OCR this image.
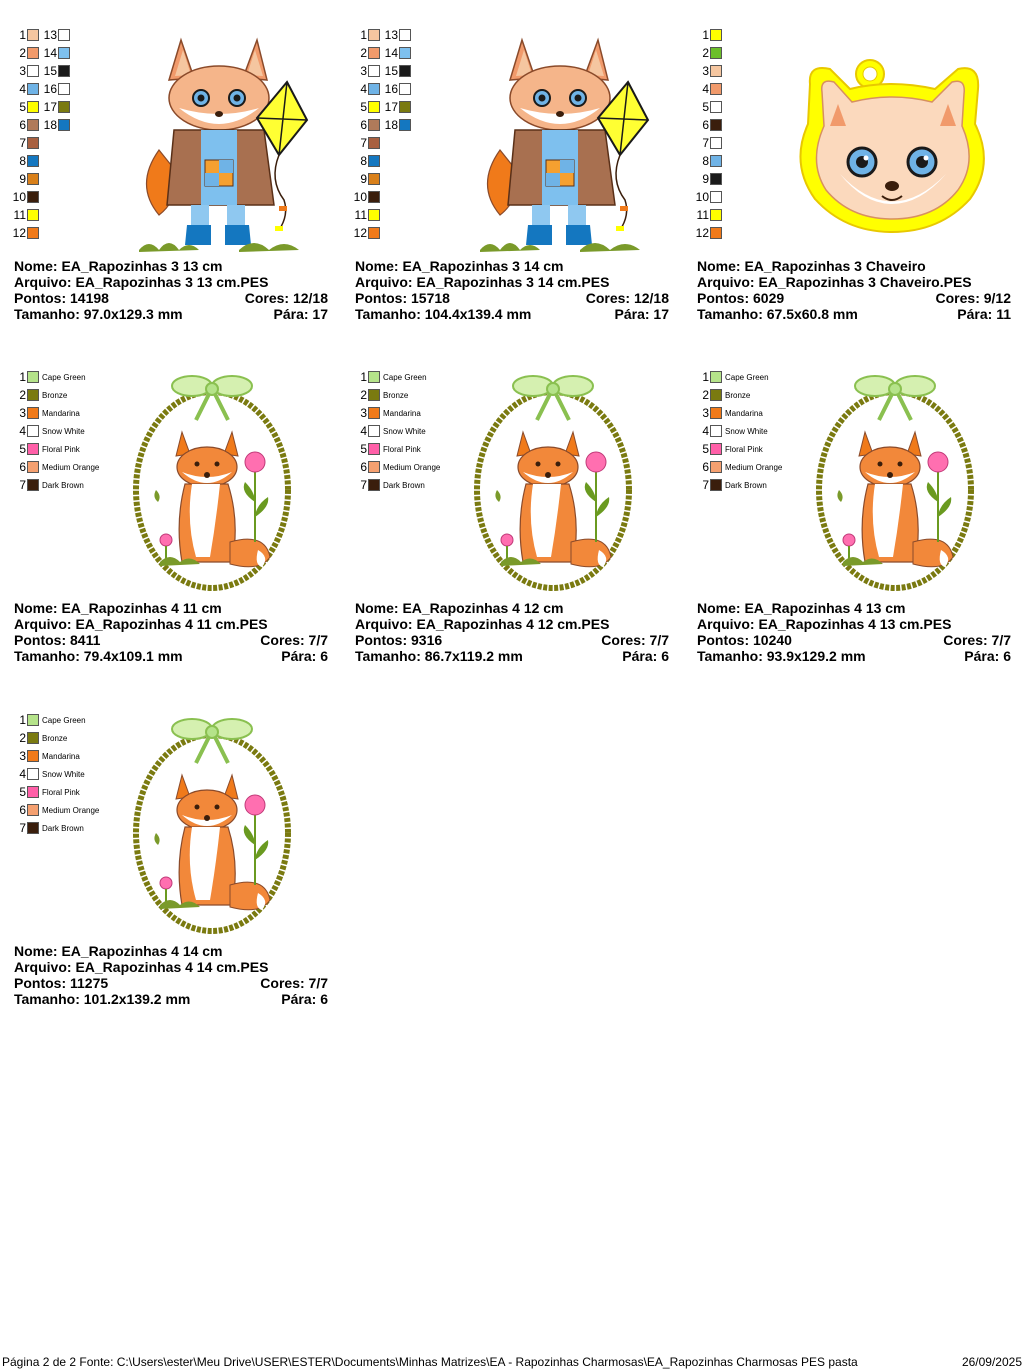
1 13
2 14
3 15
4 16
5 17
6 18
7
8
9
10
11
12
Nome: EA_Rapozinhas 3 13 cm
Arquivo: EA_Rapozinhas 3 13 cm.PES
Pontos: 14198	Cores: 12/18
Tamanho: 97.0x129.3 mm	Pára: 17
1 13
2 14
3 15
4 16
5 17
6 18
7
8
9
10
11
12
Nome: EA_Rapozinhas 3 14 cm
Arquivo: EA_Rapozinhas 3 14 cm.PES
Pontos: 15718	Cores: 12/18
Tamanho: 104.4x139.4 mm	Pára: 17
1
2
3
4
5
6
7
8
9
10
11
12
Nome: EA_Rapozinhas 3 Chaveiro
Arquivo: EA_Rapozinhas 3 Chaveiro.PES
Pontos: 6029	Cores: 9/12
Tamanho: 67.5x60.8 mm	Pára: 11
1 Cape Green
2 Bronze
3 Mandarina
4 Snow White
5 Floral Pink
6 Medium Orange
7 Dark Brown
Nome: EA_Rapozinhas 4 11 cm
Arquivo: EA_Rapozinhas 4 11 cm.PES
Pontos: 8411	Cores: 7/7
Tamanho: 79.4x109.1 mm	Pára: 6
1 Cape Green
2 Bronze
3 Mandarina
4 Snow White
5 Floral Pink
6 Medium Orange
7 Dark Brown
Nome: EA_Rapozinhas 4 12 cm
Arquivo: EA_Rapozinhas 4 12 cm.PES
Pontos: 9316	Cores: 7/7
Tamanho: 86.7x119.2 mm	Pára: 6
1 Cape Green
2 Bronze
3 Mandarina
4 Snow White
5 Floral Pink
6 Medium Orange
7 Dark Brown
Nome: EA_Rapozinhas 4 13 cm
Arquivo: EA_Rapozinhas 4 13 cm.PES
Pontos: 10240	Cores: 7/7
Tamanho: 93.9x129.2 mm	Pára: 6
1 Cape Green
2 Bronze
3 Mandarina
4 Snow White
5 Floral Pink
6 Medium Orange
7 Dark Brown
Nome: EA_Rapozinhas 4 14 cm
Arquivo: EA_Rapozinhas 4 14 cm.PES
Pontos: 11275	Cores: 7/7
Tamanho: 101.2x139.2 mm	Pára: 6
Página 2 de 2 Fonte: C:\Users\ester\Meu Drive\USER\ESTER\Documents\Minhas Matrizes\EA - Rapozinhas Charmosas\EA_Rapozinhas Charmosas PES pasta	26/09/2025
